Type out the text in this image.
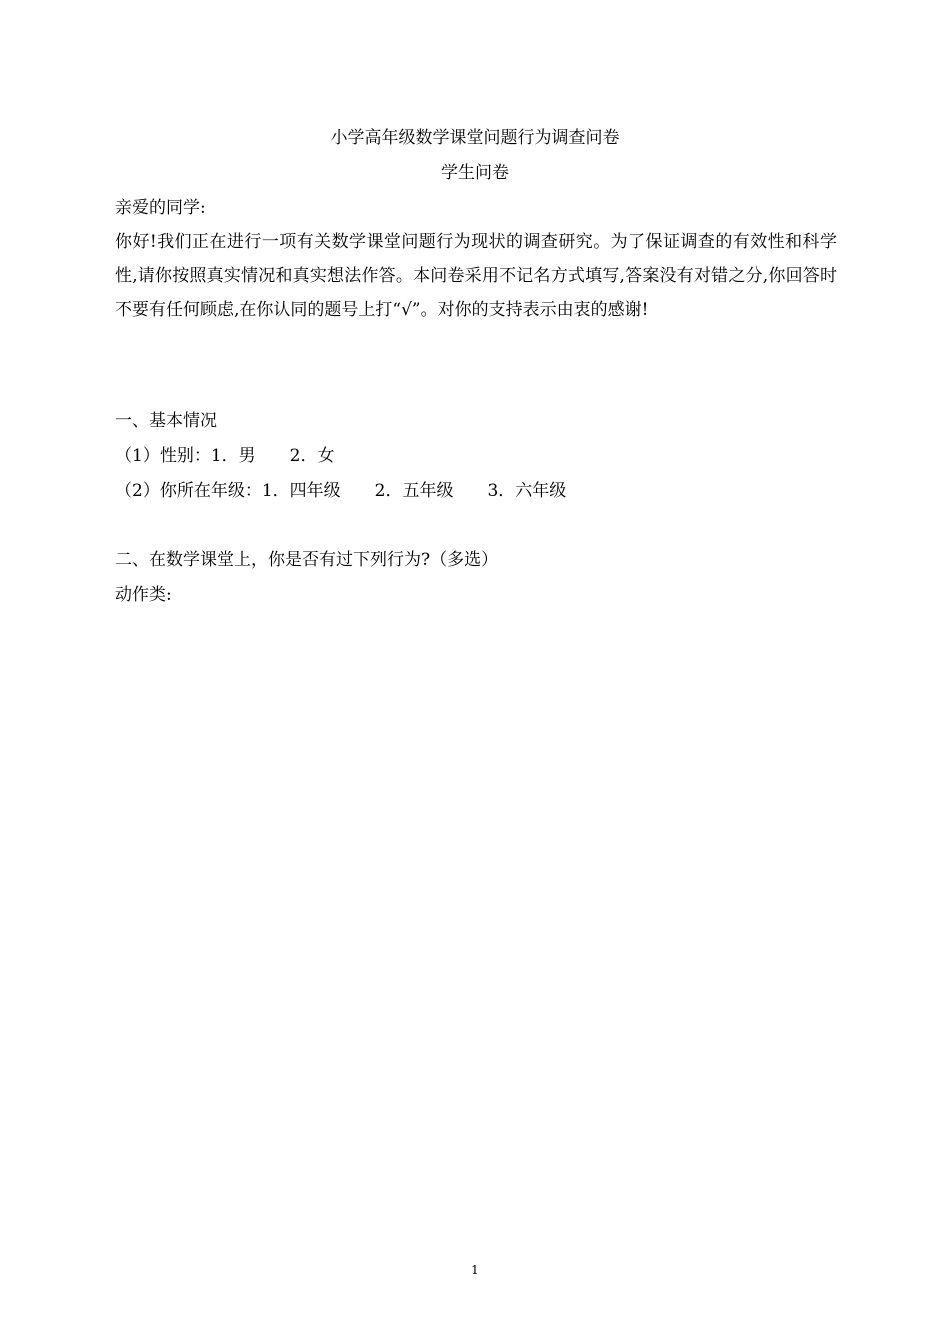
小学高年级数学课堂问题行为调查问卷
学生问卷
亲爱的同学:
你好!我们正在进行一项有关数学课堂问题行为现状的调查研究。为了保证调查的有效性和科学性,请你按照真实情况和真实想法作答。本问卷采用不记名方式填写,答案没有对错之分,你回答时不要有任何顾虑,在你认同的题号上打“√”。对你的支持表示由衷的感谢!
一、基本情况
（1）性别：1．男 2．女
（2）你所在年级：1．四年级 2．五年级 3．六年级
二、在数学课堂上，你是否有过下列行为?（多选）
动作类:
1
